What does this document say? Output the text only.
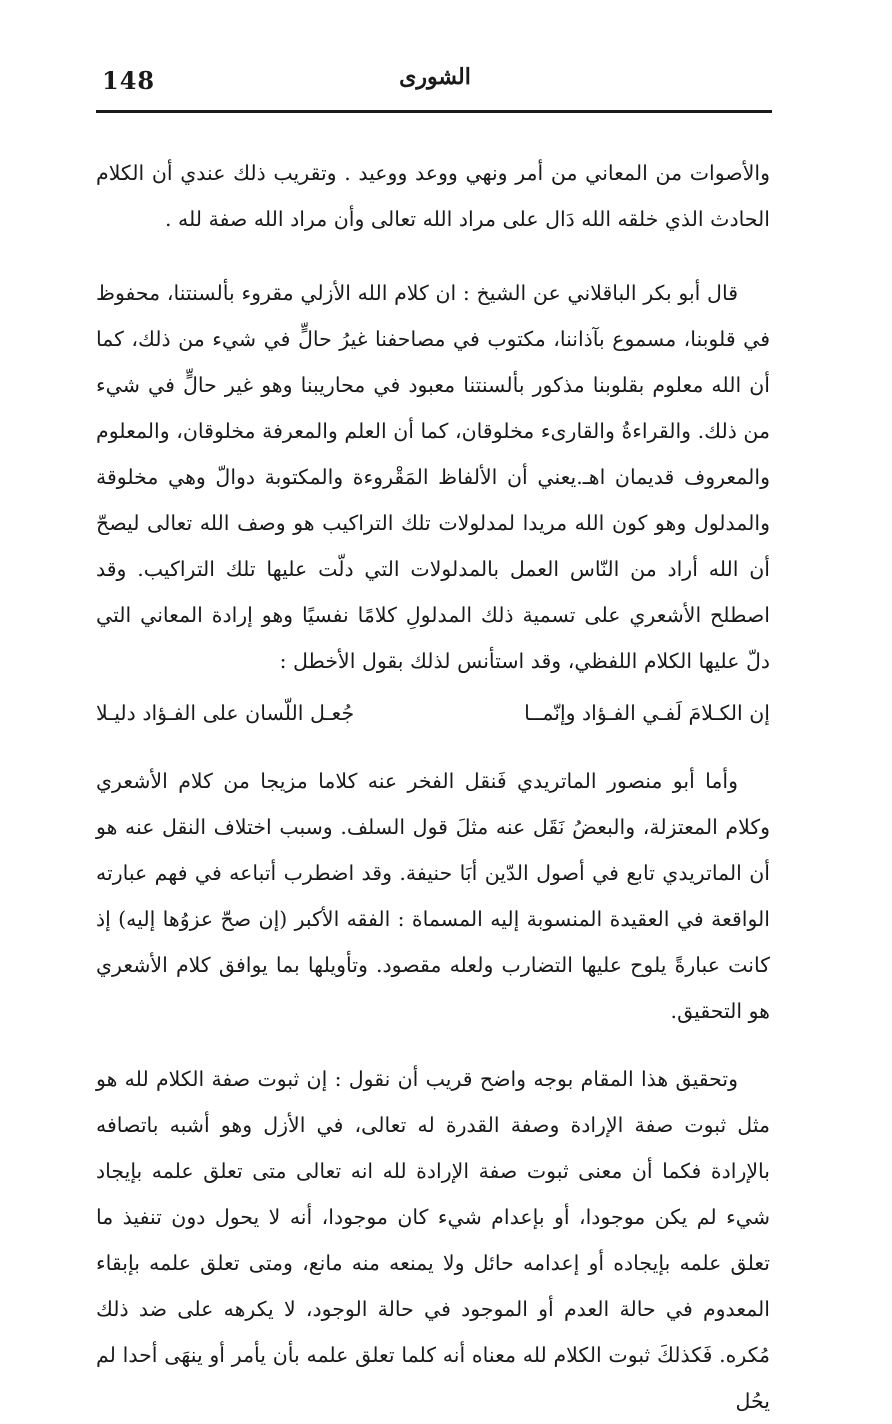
148	الشورى

والأصوات من المعاني من أمر ونهي ووعد ووعيد . وتقريب ذلك عندي أن الكلام الحادث الذي خلقه الله دَال على مراد الله تعالى وأن مراد الله صفة لله .

قال أبو بكر الباقلاني عن الشيخ : ان كلام الله الأزلي مقروء بألسنتنا، محفوظ في قلوبنا، مسموع بآذاننا، مكتوب في مصاحفنا غيرُ حالٍّ في شيء من ذلك، كما أن الله معلوم بقلوبنا مذكور بألسنتنا معبود في محاريبنا وهو غير حالٍّ في شيء من ذلك. والقراءةُ والقارىء مخلوقان، كما أن العلم والمعرفة مخلوقان، والمعلوم والمعروف قديمان اهـ.يعني أن الألفاظ المَقْروءة والمكتوبة دوالّ وهي مخلوقة والمدلول وهو كون الله مريدا لمدلولات تلك التراكيب هو وصف الله تعالى ليصحّ أن الله أراد من النّاس العمل بالمدلولات التي دلّت عليها تلك التراكيب. وقد اصطلح الأشعري على تسمية ذلك المدلولِ كلامًا نفسيًا وهو إرادة المعاني التي دلّ عليها الكلام اللفظي، وقد استأنس لذلك بقول الأخطل :

إن الكـلامَ لَفـي الفـؤاد وإنّمــا
جُعـل اللّسان على الفـؤاد دليـلا

وأما أبو منصور الماتريدي فَنقل الفخر عنه كلاما مزيجا من كلام الأشعري وكلام المعتزلة، والبعضُ نَقَل عنه مثلَ قول السلف. وسبب اختلاف النقل عنه هو أن الماتريدي تابع في أصول الدّين أبَا حنيفة. وقد اضطرب أتباعه في فهم عبارته الواقعة في العقيدة المنسوبة إليه المسماة : الفقه الأكبر (إن صحّ عزوُها إليه) إذ كانت عبارةً يلوح عليها التضارب ولعله مقصود. وتأويلها بما يوافق كلام الأشعري هو التحقيق.

وتحقيق هذا المقام بوجه واضح قريب أن نقول : إن ثبوت صفة الكلام لله هو مثل ثبوت صفة الإرادة وصفة القدرة له تعالى، في الأزل وهو أشبه باتصافه بالإرادة فكما أن معنى ثبوت صفة الإرادة لله انه تعالى متى تعلق علمه بإيجاد شيء لم يكن موجودا، أو بإعدام شيء كان موجودا، أنه لا يحول دون تنفيذ ما تعلق علمه بإيجاده أو إعدامه حائل ولا يمنعه منه مانع، ومتى تعلق علمه بإبقاء المعدوم في حالة العدم أو الموجود في حالة الوجود، لا يكرهه على ضد ذلك مُكره. فَكذلكَ ثبوت الكلام لله معناه أنه كلما تعلق علمه بأن يأمر أو ينهَى أحدا لم يحُل
